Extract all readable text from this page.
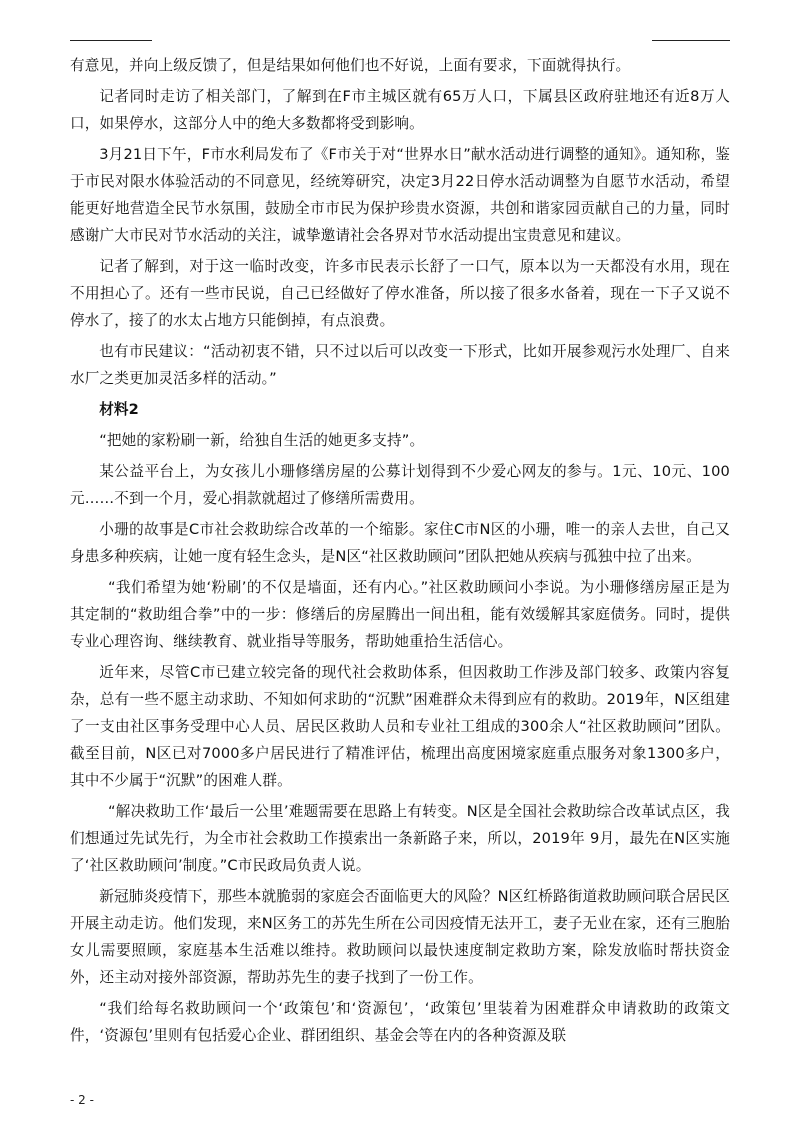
有意见，并向上级反馈了，但是结果如何他们也不好说，上面有要求，下面就得执行。

记者同时走访了相关部门，了解到在F市主城区就有65万人口，下属县区政府驻地还有近8万人口，如果停水，这部分人中的绝大多数都将受到影响。

3月21日下午，F市水利局发布了《F市关于对“世界水日”献水活动进行调整的通知》。通知称，鉴于市民对限水体验活动的不同意见，经统筹研究，决定3月22日停水活动调整为自愿节水活动，希望能更好地营造全民节水氛围，鼓励全市市民为保护珍贵水资源，共创和谐家园贡献自己的力量，同时感谢广大市民对节水活动的关注，诚挚邀请社会各界对节水活动提出宝贵意见和建议。

记者了解到，对于这一临时改变，许多市民表示长舒了一口气，原本以为一天都没有水用，现在不用担心了。还有一些市民说，自己已经做好了停水准备，所以接了很多水备着，现在一下子又说不停水了，接了的水太占地方只能倒掉，有点浪费。

也有市民建议：“活动初衷不错，只不过以后可以改变一下形式，比如开展参观污水处理厂、自来水厂之类更加灵活多样的活动。”

材料2

“把她的家粉刷一新，给独自生活的她更多支持”。

某公益平台上，为女孩儿小珊修缮房屋的公募计划得到不少爱心网友的参与。1元、10元、100元……不到一个月，爱心捐款就超过了修缮所需费用。

小珊的故事是C市社会救助综合改革的一个缩影。家住C市N区的小珊，唯一的亲人去世，自己又身患多种疾病，让她一度有轻生念头，是N区“社区救助顾问”团队把她从疾病与孤独中拉了出来。

“我们希望为她‘粉刷’的不仅是墙面，还有内心。”社区救助顾问小李说。为小珊修缮房屋正是为其定制的“救助组合拳”中的一步：修缮后的房屋腾出一间出租，能有效缓解其家庭债务。同时，提供专业心理咨询、继续教育、就业指导等服务，帮助她重拾生活信心。

近年来，尽管C市已建立较完备的现代社会救助体系，但因救助工作涉及部门较多、政策内容复杂，总有一些不愿主动求助、不知如何求助的“沉默”困难群众未得到应有的救助。2019年，N区组建了一支由社区事务受理中心人员、居民区救助人员和专业社工组成的300余人“社区救助顾问”团队。截至目前，N区已对7000多户居民进行了精准评估，梳理出高度困境家庭重点服务对象1300多户，其中不少属于“沉默”的困难人群。

“解决救助工作‘最后一公里’难题需要在思路上有转变。N区是全国社会救助综合改革试点区，我们想通过先试先行，为全市社会救助工作摸索出一条新路子来，所以，2019年 9月，最先在N区实施了‘社区救助顾问’制度。”C市民政局负责人说。

新冠肺炎疫情下，那些本就脆弱的家庭会否面临更大的风险？N区红桥路街道救助顾问联合居民区开展主动走访。他们发现，来N区务工的苏先生所在公司因疫情无法开工，妻子无业在家，还有三胞胎女儿需要照顾，家庭基本生活难以维持。救助顾问以最快速度制定救助方案，除发放临时帮扶资金外，还主动对接外部资源，帮助苏先生的妻子找到了一份工作。

“我们给每名救助顾问一个‘政策包’和‘资源包’，‘政策包’里装着为困难群众申请救助的政策文件，‘资源包’里则有包括爱心企业、群团组织、基金会等在内的各种资源及联

- 2 -
